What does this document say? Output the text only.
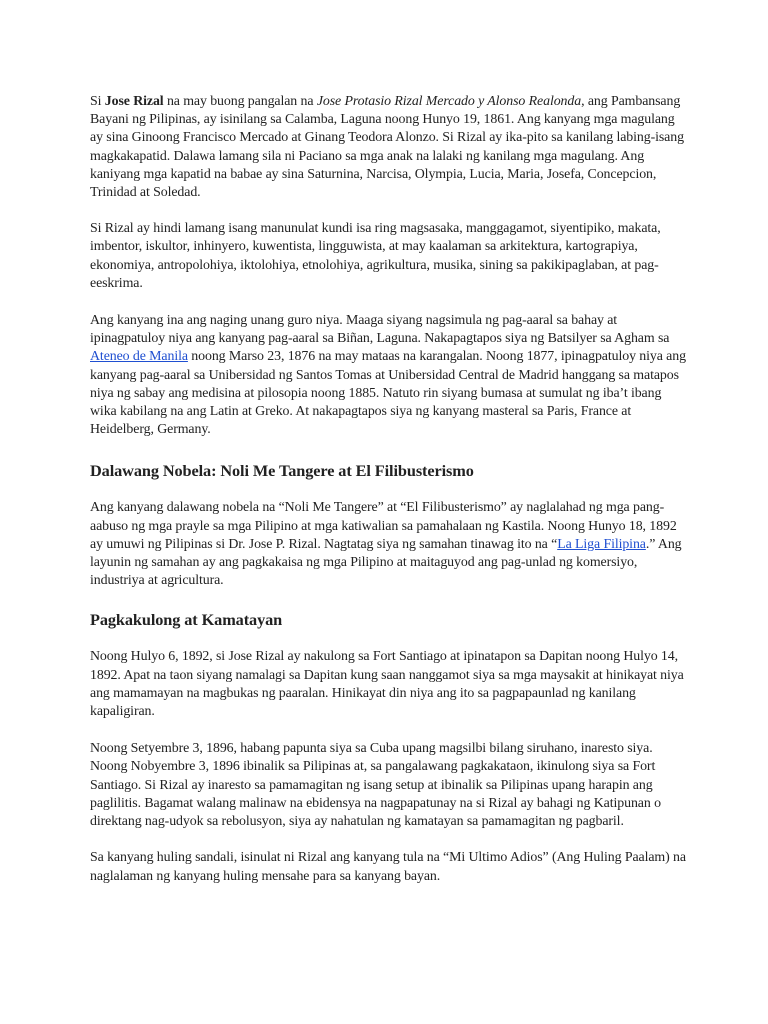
Si Jose Rizal na may buong pangalan na Jose Protasio Rizal Mercado y Alonso Realonda, ang Pambansang Bayani ng Pilipinas, ay isinilang sa Calamba, Laguna noong Hunyo 19, 1861. Ang kanyang mga magulang ay sina Ginoong Francisco Mercado at Ginang Teodora Alonzo. Si Rizal ay ika-pito sa kanilang labing-isang magkakapatid. Dalawa lamang sila ni Paciano sa mga anak na lalaki ng kanilang mga magulang. Ang kaniyang mga kapatid na babae ay sina Saturnina, Narcisa, Olympia, Lucia, Maria, Josefa, Concepcion, Trinidad at Soledad.

Si Rizal ay hindi lamang isang manunulat kundi isa ring magsasaka, manggagamot, siyentipiko, makata, imbentor, iskultor, inhinyero, kuwentista, lingguwista, at may kaalaman sa arkitektura, kartograpiya, ekonomiya, antropolohiya, iktolohiya, etnolohiya, agrikultura, musika, sining sa pakikipaglaban, at pag-eeskrima.

Ang kanyang ina ang naging unang guro niya. Maaga siyang nagsimula ng pag-aaral sa bahay at ipinagpatuloy niya ang kanyang pag-aaral sa Biñan, Laguna. Nakapagtapos siya ng Batsilyer sa Agham sa Ateneo de Manila noong Marso 23, 1876 na may mataas na karangalan. Noong 1877, ipinagpatuloy niya ang kanyang pag-aaral sa Unibersidad ng Santos Tomas at Unibersidad Central de Madrid hanggang sa matapos niya ng sabay ang medisina at pilosopia noong 1885. Natuto rin siyang bumasa at sumulat ng iba’t ibang wika kabilang na ang Latin at Greko. At nakapagtapos siya ng kanyang masteral sa Paris, France at Heidelberg, Germany.

Dalawang Nobela: Noli Me Tangere at El Filibusterismo

Ang kanyang dalawang nobela na “Noli Me Tangere” at “El Filibusterismo” ay naglalahad ng mga pang-aabuso ng mga prayle sa mga Pilipino at mga katiwalian sa pamahalaan ng Kastila. Noong Hunyo 18, 1892 ay umuwi ng Pilipinas si Dr. Jose P. Rizal. Nagtatag siya ng samahan tinawag ito na “La Liga Filipina.” Ang layunin ng samahan ay ang pagkakaisa ng mga Pilipino at maitaguyod ang pag-unlad ng komersiyo, industriya at agricultura.

Pagkakulong at Kamatayan

Noong Hulyo 6, 1892, si Jose Rizal ay nakulong sa Fort Santiago at ipinatapon sa Dapitan noong Hulyo 14, 1892. Apat na taon siyang namalagi sa Dapitan kung saan nanggamot siya sa mga maysakit at hinikayat niya ang mamamayan na magbukas ng paaralan. Hinikayat din niya ang ito sa pagpapaunlad ng kanilang kapaligiran.

Noong Setyembre 3, 1896, habang papunta siya sa Cuba upang magsilbi bilang siruhano, inaresto siya. Noong Nobyembre 3, 1896 ibinalik sa Pilipinas at, sa pangalawang pagkakataon, ikinulong siya sa Fort Santiago. Si Rizal ay inaresto sa pamamagitan ng isang setup at ibinalik sa Pilipinas upang harapin ang paglilitis. Bagamat walang malinaw na ebidensya na nagpapatunay na si Rizal ay bahagi ng Katipunan o direktang nag-udyok sa rebolusyon, siya ay nahatulan ng kamatayan sa pamamagitan ng pagbaril.

Sa kanyang huling sandali, isinulat ni Rizal ang kanyang tula na “Mi Ultimo Adios” (Ang Huling Paalam) na naglalaman ng kanyang huling mensahe para sa kanyang bayan.
